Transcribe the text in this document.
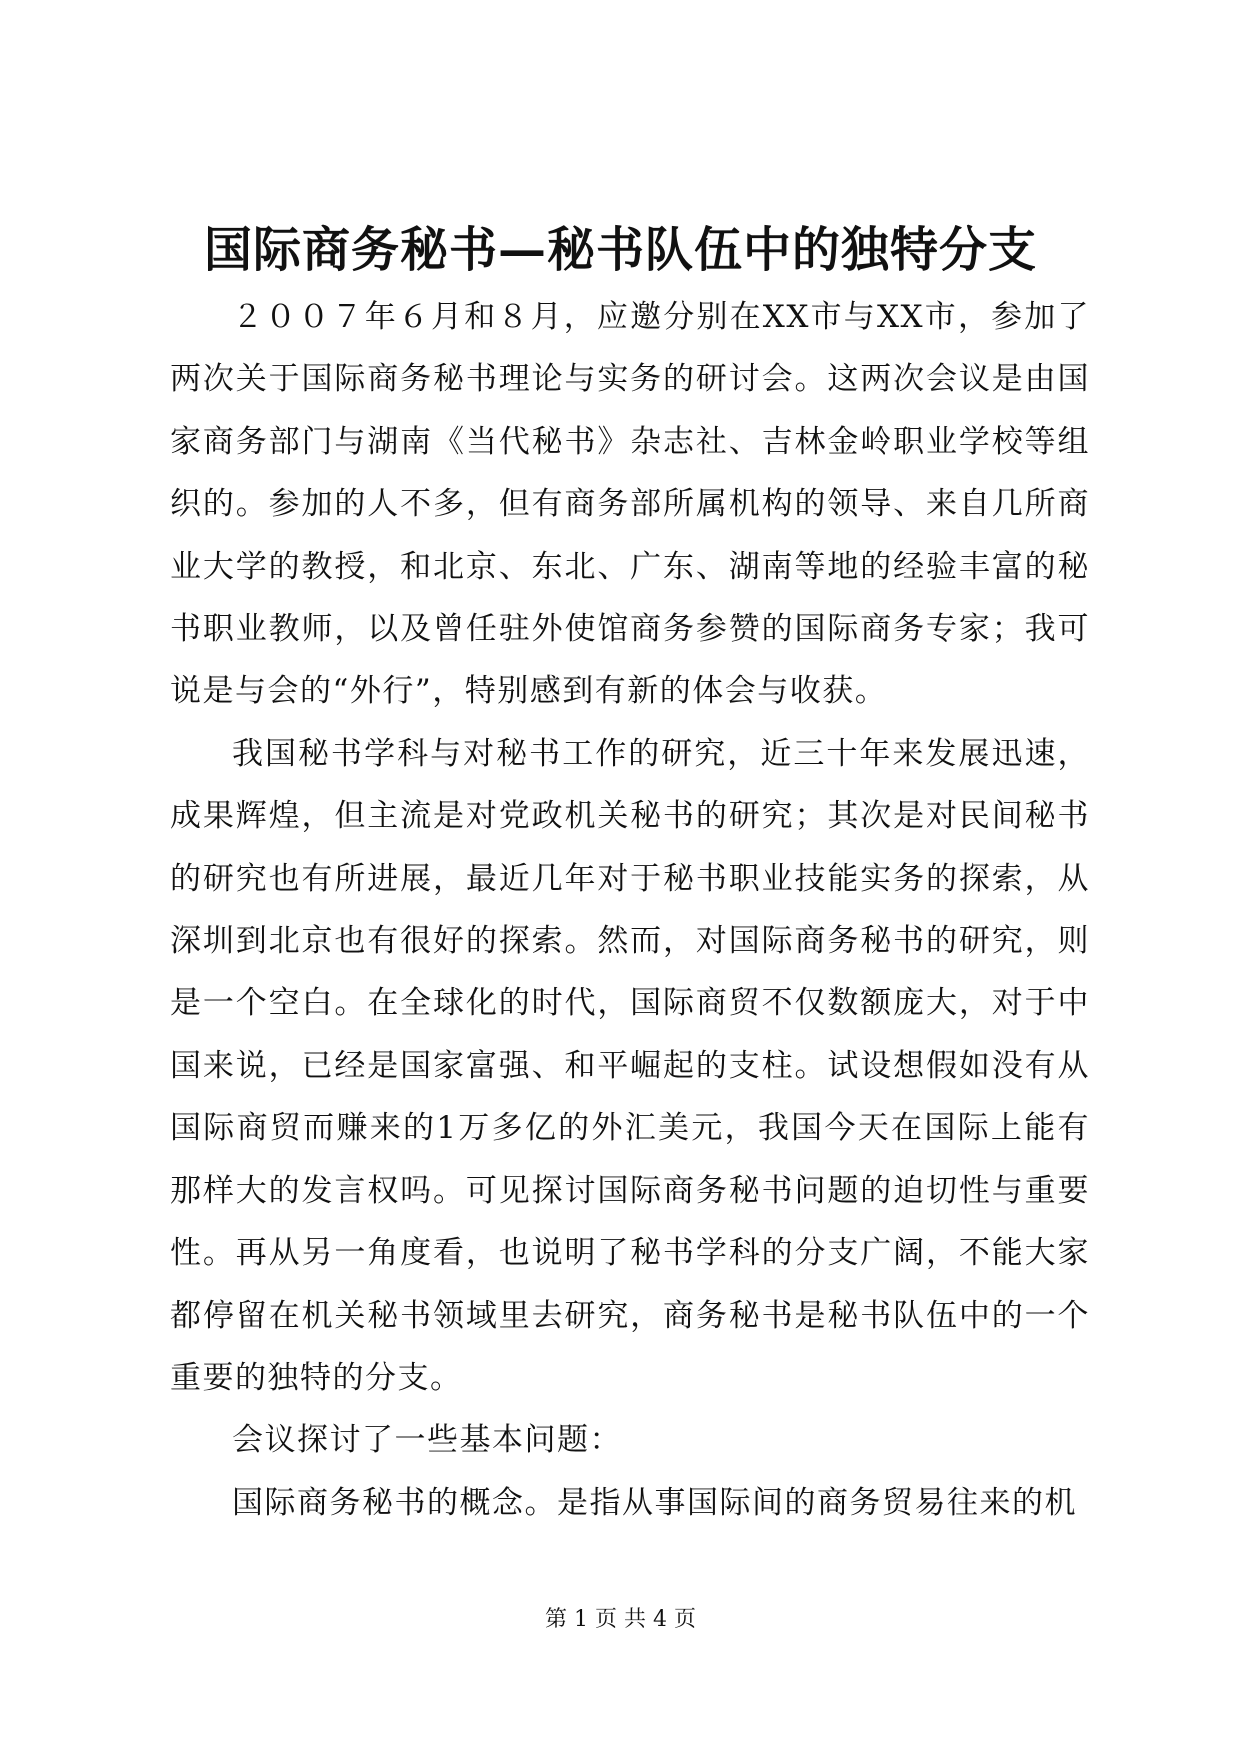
国际商务秘书—秘书队伍中的独特分支

２００７年６月和８月，应邀分别在XX市与XX市，参加了两次关于国际商务秘书理论与实务的研讨会。这两次会议是由国家商务部门与湖南《当代秘书》杂志社、吉林金岭职业学校等组织的。参加的人不多，但有商务部所属机构的领导、来自几所商业大学的教授，和北京、东北、广东、湖南等地的经验丰富的秘书职业教师，以及曾任驻外使馆商务参赞的国际商务专家；我可说是与会的“外行”，特别感到有新的体会与收获。

我国秘书学科与对秘书工作的研究，近三十年来发展迅速，成果辉煌，但主流是对党政机关秘书的研究；其次是对民间秘书的研究也有所进展，最近几年对于秘书职业技能实务的探索，从深圳到北京也有很好的探索。然而，对国际商务秘书的研究，则是一个空白。在全球化的时代，国际商贸不仅数额庞大，对于中国来说，已经是国家富强、和平崛起的支柱。试设想假如没有从国际商贸而赚来的1万多亿的外汇美元，我国今天在国际上能有那样大的发言权吗。可见探讨国际商务秘书问题的迫切性与重要性。再从另一角度看，也说明了秘书学科的分支广阔，不能大家都停留在机关秘书领域里去研究，商务秘书是秘书队伍中的一个重要的独特的分支。

会议探讨了一些基本问题：

国际商务秘书的概念。是指从事国际间的商务贸易往来的机

第 1 页 共 4 页
